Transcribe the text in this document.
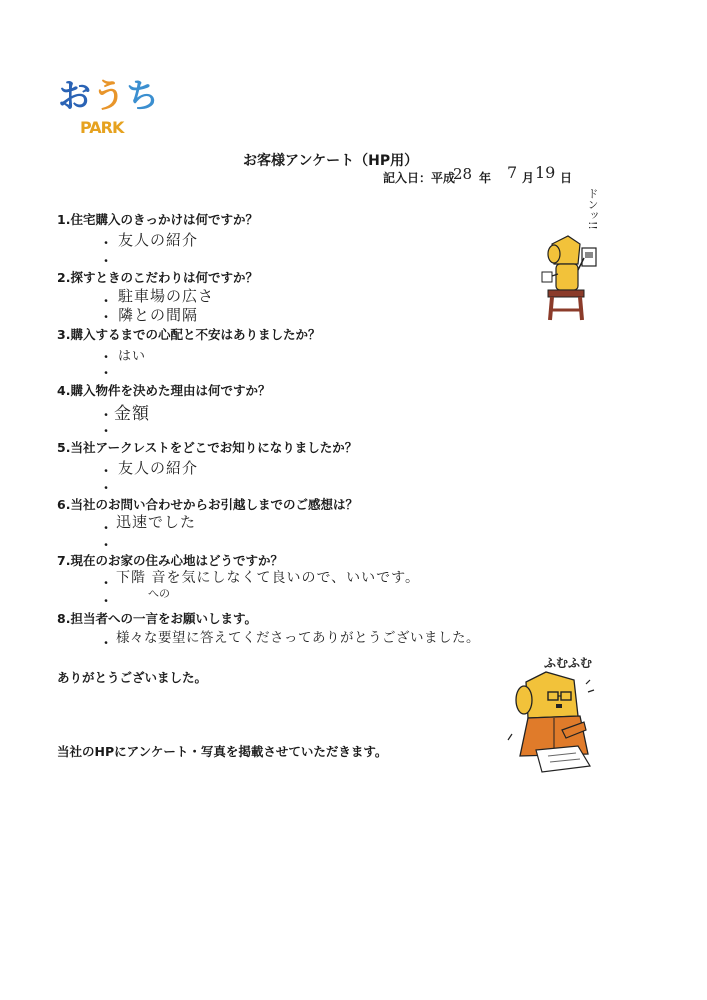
おうち
PARK
お客様アンケート（HP用）
記入日：平成
28 年 7 月 19 日
1.住宅購入のきっかけは何ですか？
・ 友人の紹介
・
2.探すときのこだわりは何ですか？
・ 駐車場の広さ
・ 隣との間隔
3.購入するまでの心配と不安はありましたか？
・ はい
・
4.購入物件を決めた理由は何ですか？
・ 金額
・
5.当社アークレストをどこでお知りになりましたか？
・ 友人の紹介
・
6.当社のお問い合わせからお引越しまでのご感想は？
・ 迅速でした
・
7.現在のお家の住み心地はどうですか？
・ 下階 音を気にしなくて良いので、いいです。
への
・
8.担当者への一言をお願いします。
・ 様々な要望に答えてくださってありがとうございました。
ありがとうございました。
当社のHPにアンケート・写真を掲載させていただきます。
ドンッ!!
ふむふむ
